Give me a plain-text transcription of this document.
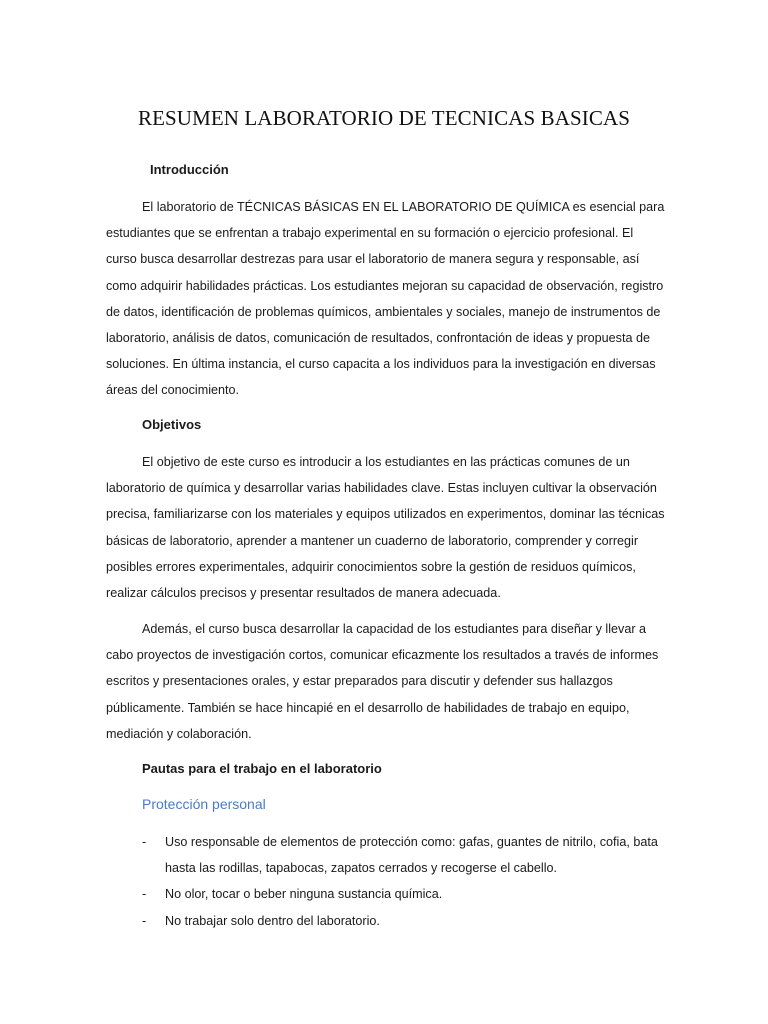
RESUMEN LABORATORIO DE TECNICAS BASICAS
Introducción

El laboratorio de TÉCNICAS BÁSICAS EN EL LABORATORIO DE QUÍMICA es esencial para estudiantes que se enfrentan a trabajo experimental en su formación o ejercicio profesional. El curso busca desarrollar destrezas para usar el laboratorio de manera segura y responsable, así como adquirir habilidades prácticas. Los estudiantes mejoran su capacidad de observación, registro de datos, identificación de problemas químicos, ambientales y sociales, manejo de instrumentos de laboratorio, análisis de datos, comunicación de resultados, confrontación de ideas y propuesta de soluciones. En última instancia, el curso capacita a los individuos para la investigación en diversas áreas del conocimiento.

Objetivos

El objetivo de este curso es introducir a los estudiantes en las prácticas comunes de un laboratorio de química y desarrollar varias habilidades clave. Estas incluyen cultivar la observación precisa, familiarizarse con los materiales y equipos utilizados en experimentos, dominar las técnicas básicas de laboratorio, aprender a mantener un cuaderno de laboratorio, comprender y corregir posibles errores experimentales, adquirir conocimientos sobre la gestión de residuos químicos, realizar cálculos precisos y presentar resultados de manera adecuada.

Además, el curso busca desarrollar la capacidad de los estudiantes para diseñar y llevar a cabo proyectos de investigación cortos, comunicar eficazmente los resultados a través de informes escritos y presentaciones orales, y estar preparados para discutir y defender sus hallazgos públicamente. También se hace hincapié en el desarrollo de habilidades de trabajo en equipo, mediación y colaboración.

Pautas para el trabajo en el laboratorio
Protección personal
- Uso responsable de elementos de protección como: gafas, guantes de nitrilo, cofia, bata hasta las rodillas, tapabocas, zapatos cerrados y recogerse el cabello.
- No olor, tocar o beber ninguna sustancia química.
- No trabajar solo dentro del laboratorio.
